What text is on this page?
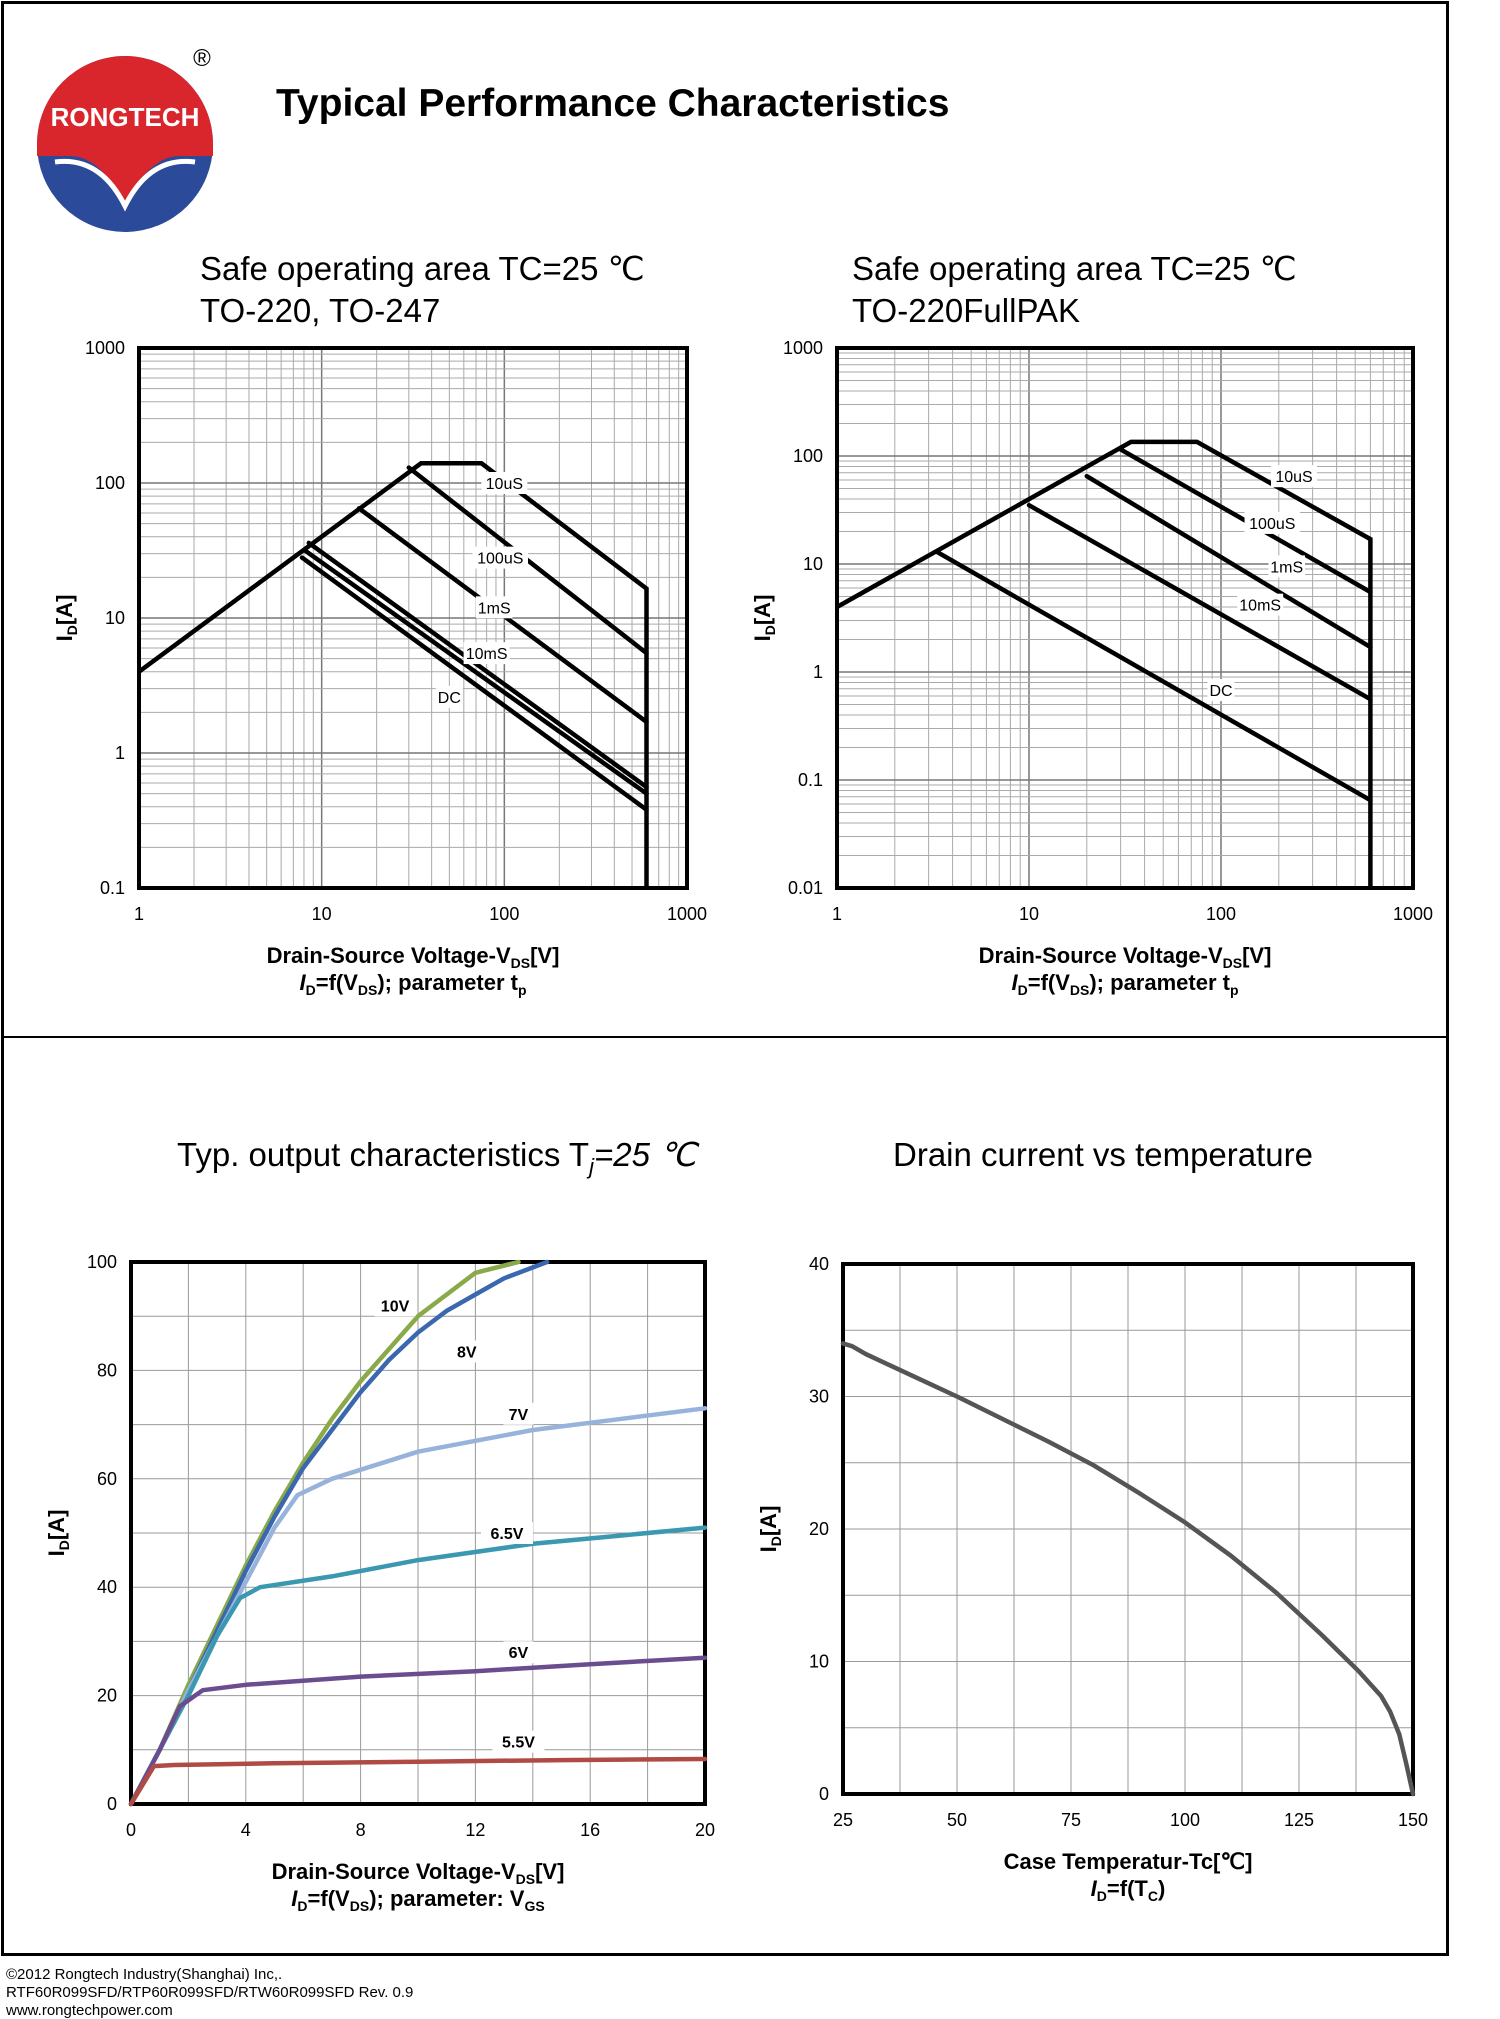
RONGTECH
®
Typical Performance Characteristics
Safe operating area TC=25 ℃
TO-220, TO-247
Safe operating area TC=25 ℃
TO-220FullPAK
Typ. output characteristics $T_j=25$ ℃	Drain current vs temperature
1	10	100	1000
0.1
1
10
100
1000
Drain-Source Voltage-$V_{DS}[V]$
$I_D=f(V_{DS})$; parameter $t_p$
$I_D[A]$
10uS
100uS
1mS
10mS
DC
1	10	100	1000
0.01
0.1
1
10
100
1000
Drain-Source Voltage-$V_{DS}[V]$
$I_D=f(V_{DS})$; parameter $t_p$
$I_D[A]$
10uS
100uS
1mS
10mS
DC
0	4	8	12	16	20
0
20
40
60
80
100
Drain-Source Voltage-$V_{DS}[V]$
$I_D=f(V_{DS})$; parameter: $V_{GS}$
$I_D[A]$
10V
8V
7V
6.5V
6V
5.5V
25	50	75	100	125	150
0
10
20
30
40
Case Temperatur-Tc[℃]
$I_D=f(T_C)$
$I_D[A]$
©2012 Rongtech Industry(Shanghai) Inc,.
RTF60R099SFD/RTP60R099SFD/RTW60R099SFD Rev. 0.9
www.rongtechpower.com
